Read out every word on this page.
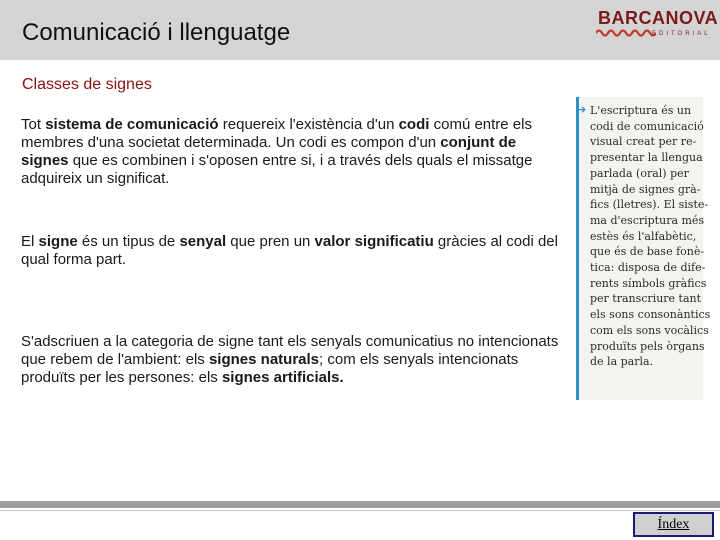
Comunicació i llenguatge
BARCANOVA
EDITORIAL
Classes de signes
Tot sistema de comunicació requereix l'existència d'un codi comú entre els membres d'una societat determinada. Un codi es compon d'un conjunt de signes que es combinen i s'oposen entre si, i a través dels quals el missatge adquireix un significat.
El signe és un tipus de senyal que pren un valor significatiu gràcies al codi del qual forma part.
S'adscriuen a la categoria de signe tant els senyals comunicatius no intencionats que rebem de l'ambient: els signes naturals; com els senyals intencionats produïts per les persones: els signes artificials.
➔ L'escriptura és un
codi de comunicació
visual creat per re-
presentar la llengua
parlada (oral) per
mitjà de signes grà-
fics (lletres). El siste-
ma d'escriptura més
estès és l'alfabètic,
que és de base fonè-
tica: disposa de dife-
rents símbols gràfics
per transcriure tant
els sons consonàntics
com els sons vocàlics
produïts pels òrgans
de la parla.
Índex
